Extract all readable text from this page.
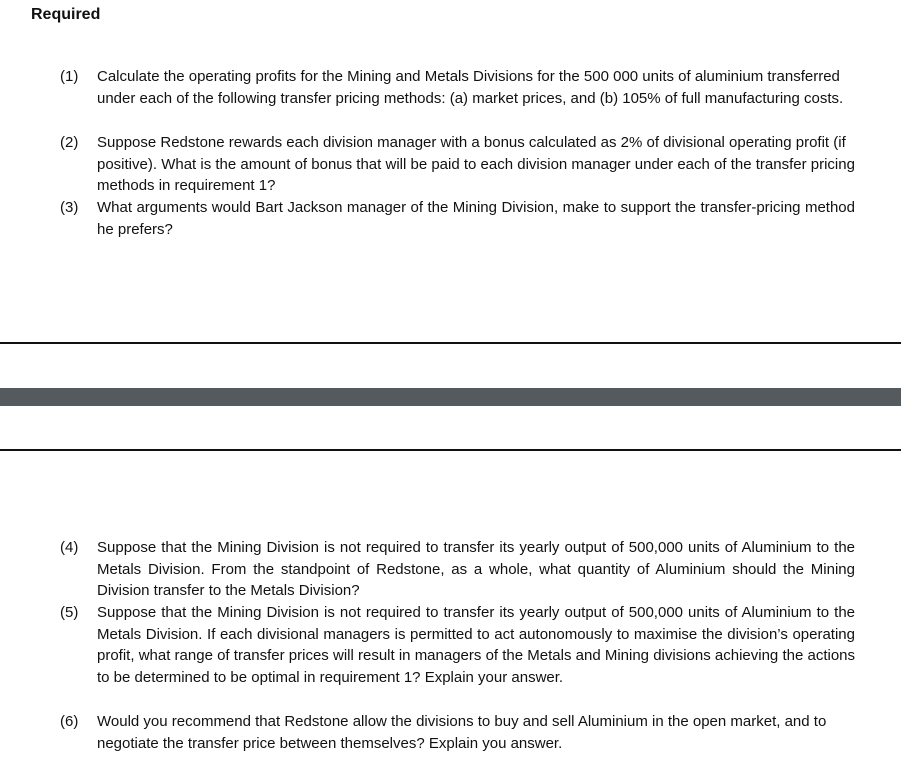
Required
(1)	Calculate the operating profits for the Mining and Metals Divisions for the 500 000 units of aluminium transferred under each of the following transfer pricing methods: (a) market prices, and (b) 105% of full manufacturing costs.
(2)	Suppose Redstone rewards each division manager with a bonus calculated as 2% of divisional operating profit (if positive). What is the amount of bonus that will be paid to each division manager under each of the transfer pricing methods in requirement 1?
(3)	What arguments would Bart Jackson manager of the Mining Division, make to support the transfer-pricing method he prefers?
(4)	Suppose that the Mining Division is not required to transfer its yearly output of 500,000 units of Aluminium to the Metals Division. From the standpoint of Redstone, as a whole, what quantity of Aluminium should the Mining Division transfer to the Metals Division?
(5)	Suppose that the Mining Division is not required to transfer its yearly output of 500,000 units of Aluminium to the Metals Division. If each divisional managers is permitted to act autonomously to maximise the division’s operating profit, what range of transfer prices will result in managers of the Metals and Mining divisions achieving the actions to be determined to be optimal in requirement 1? Explain your answer.
(6)	Would you recommend that Redstone allow the divisions to buy and sell Aluminium in the open market, and to negotiate the transfer price between themselves? Explain you answer.
